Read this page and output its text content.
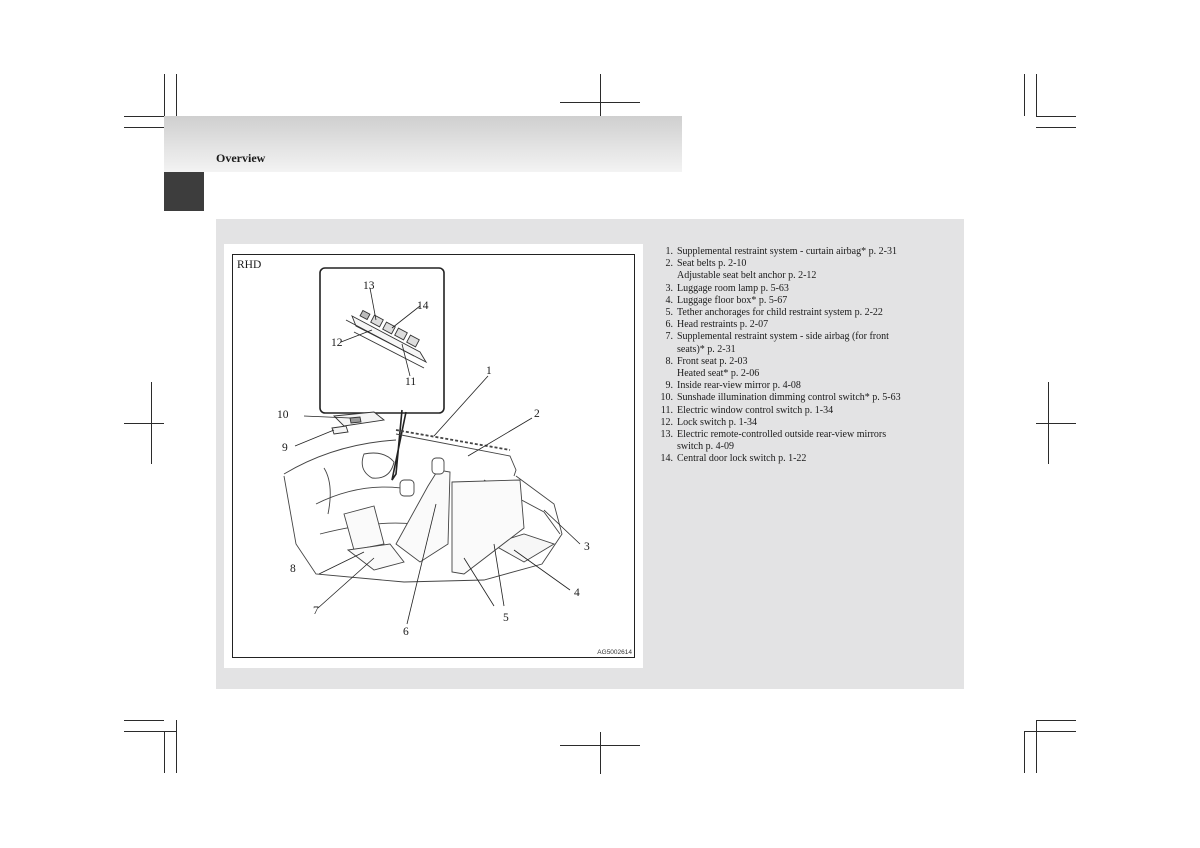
Overview
RHD
AG5002614
1
2
3
4
5
6
7
8
9
10
11
12
13
14
1. Supplemental restraint system - curtain airbag* p. 2-31
2. Seat belts p. 2-10
Adjustable seat belt anchor p. 2-12
3. Luggage room lamp p. 5-63
4. Luggage floor box* p. 5-67
5. Tether anchorages for child restraint system p. 2-22
6. Head restraints p. 2-07
7. Supplemental restraint system - side airbag (for front
seats)* p. 2-31
8. Front seat p. 2-03
Heated seat* p. 2-06
9. Inside rear-view mirror p. 4-08
10. Sunshade illumination dimming control switch* p. 5-63
11. Electric window control switch p. 1-34
12. Lock switch p. 1-34
13. Electric remote-controlled outside rear-view mirrors
switch p. 4-09
14. Central door lock switch p. 1-22
